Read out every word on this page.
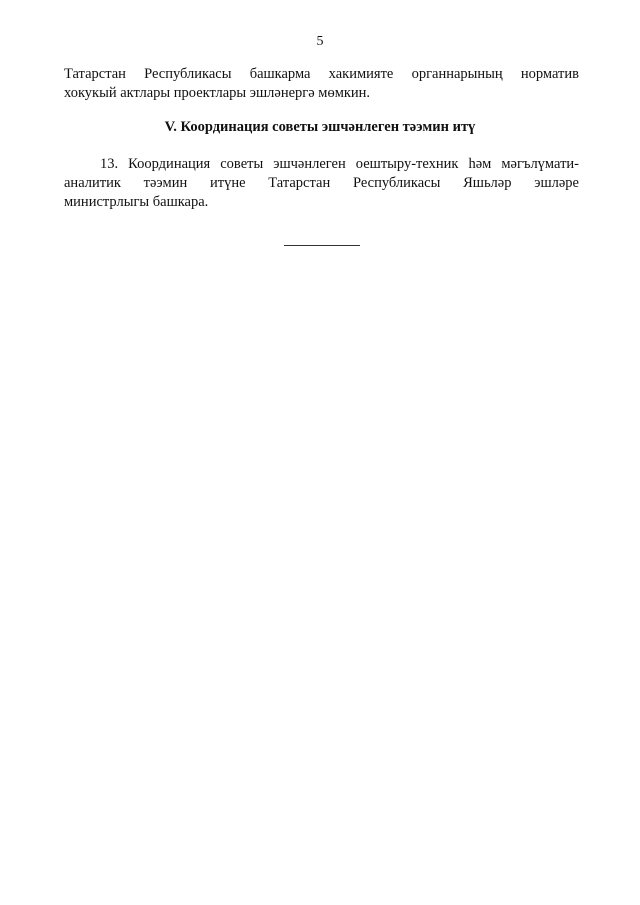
5
Татарстан Республикасы башкарма хакимияте органнарының норматив
хокукый актлары проектлары эшләнергә мөмкин.
V. Координация советы эшчәнлеген тәэмин итү
13. Координация советы эшчәнлеген оештыру-техник һәм мәгълүмати-
аналитик тәэмин итүне Татарстан Республикасы Яшьләр эшләре
министрлыгы башкара.
